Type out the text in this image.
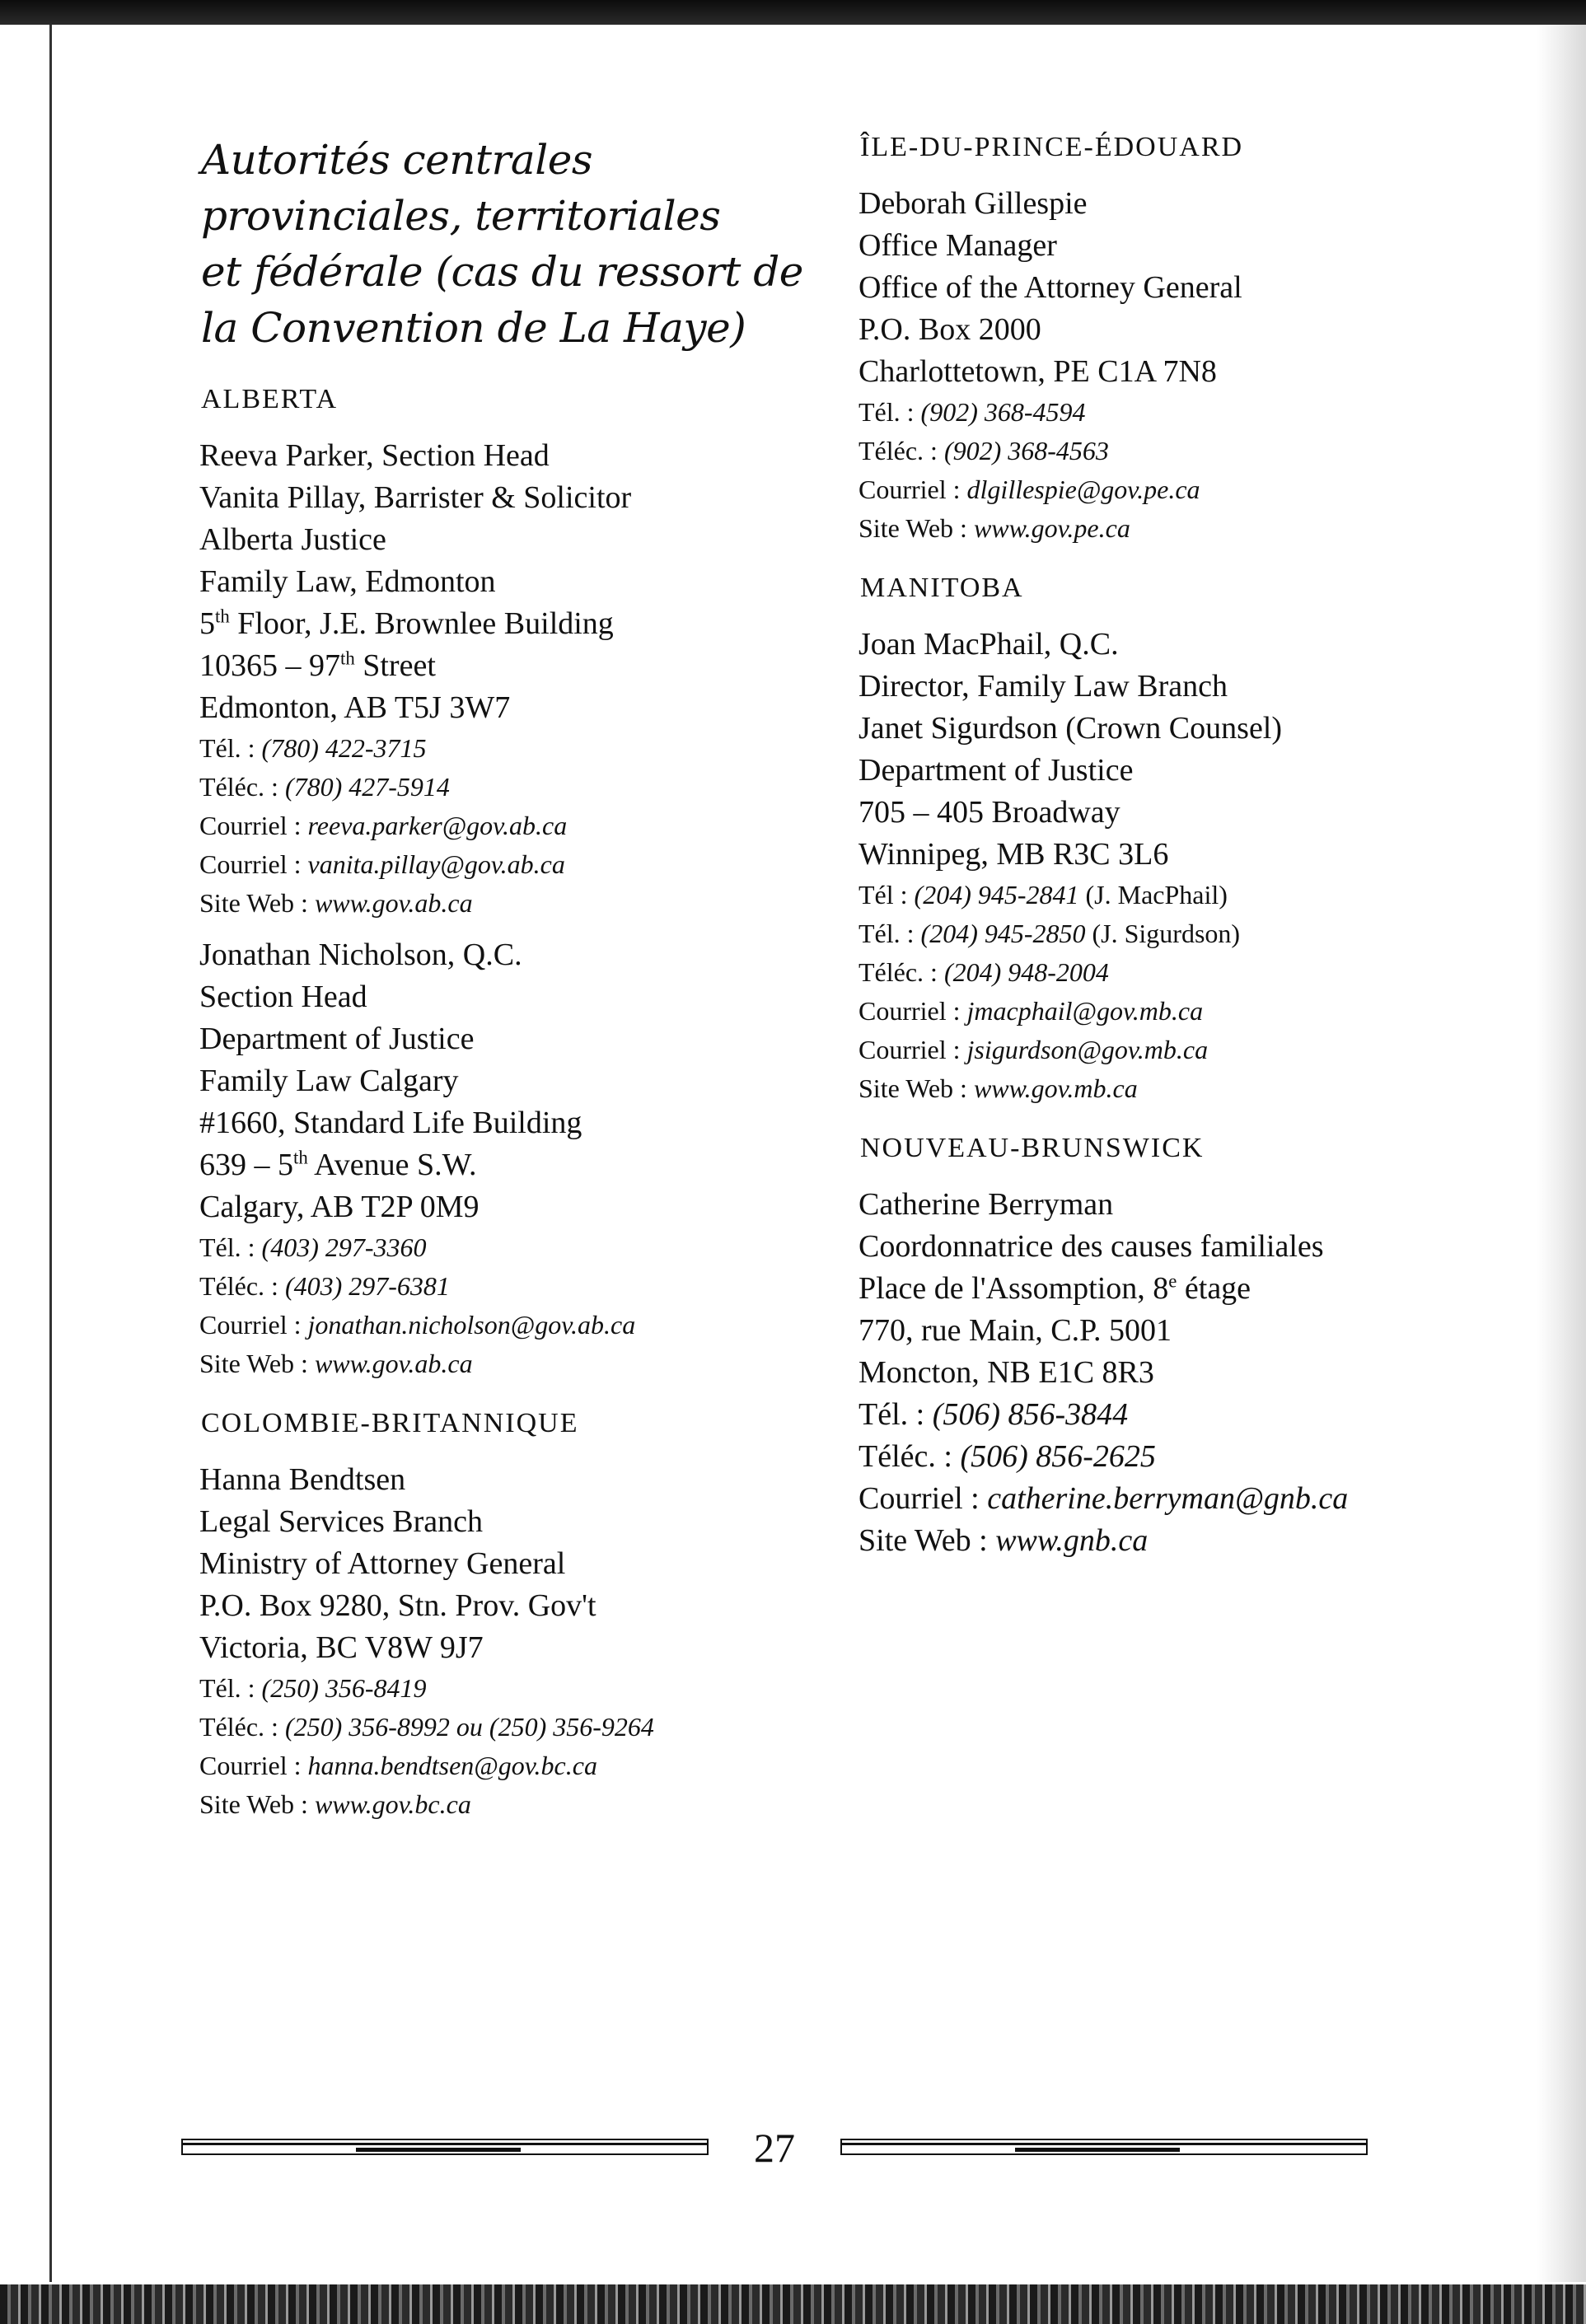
Autorités centrales
provinciales, territoriales
et fédérale (cas du ressort de
la Convention de La Haye)
ALBERTA
Reeva Parker, Section Head
Vanita Pillay, Barrister & Solicitor
Alberta Justice
Family Law, Edmonton
5th Floor, J.E. Brownlee Building
10365 – 97th Street
Edmonton, AB T5J 3W7
Tél. : (780) 422-3715
Téléc. : (780) 427-5914
Courriel : reeva.parker@gov.ab.ca
Courriel : vanita.pillay@gov.ab.ca
Site Web : www.gov.ab.ca
Jonathan Nicholson, Q.C.
Section Head
Department of Justice
Family Law Calgary
#1660, Standard Life Building
639 – 5th Avenue S.W.
Calgary, AB T2P 0M9
Tél. : (403) 297-3360
Téléc. : (403) 297-6381
Courriel : jonathan.nicholson@gov.ab.ca
Site Web : www.gov.ab.ca
COLOMBIE-BRITANNIQUE
Hanna Bendtsen
Legal Services Branch
Ministry of Attorney General
P.O. Box 9280, Stn. Prov. Gov't
Victoria, BC V8W 9J7
Tél. : (250) 356-8419
Téléc. : (250) 356-8992 ou (250) 356-9264
Courriel : hanna.bendtsen@gov.bc.ca
Site Web : www.gov.bc.ca
ÎLE-DU-PRINCE-ÉDOUARD
Deborah Gillespie
Office Manager
Office of the Attorney General
P.O. Box 2000
Charlottetown, PE C1A 7N8
Tél. : (902) 368-4594
Téléc. : (902) 368-4563
Courriel : dlgillespie@gov.pe.ca
Site Web : www.gov.pe.ca
MANITOBA
Joan MacPhail, Q.C.
Director, Family Law Branch
Janet Sigurdson (Crown Counsel)
Department of Justice
705 – 405 Broadway
Winnipeg, MB R3C 3L6
Tél : (204) 945-2841 (J. MacPhail)
Tél. : (204) 945-2850 (J. Sigurdson)
Téléc. : (204) 948-2004
Courriel : jmacphail@gov.mb.ca
Courriel : jsigurdson@gov.mb.ca
Site Web : www.gov.mb.ca
NOUVEAU-BRUNSWICK
Catherine Berryman
Coordonnatrice des causes familiales
Place de l'Assomption, 8e étage
770, rue Main, C.P. 5001
Moncton, NB E1C 8R3
Tél. : (506) 856-3844
Téléc. : (506) 856-2625
Courriel : catherine.berryman@gnb.ca
Site Web : www.gnb.ca
27
